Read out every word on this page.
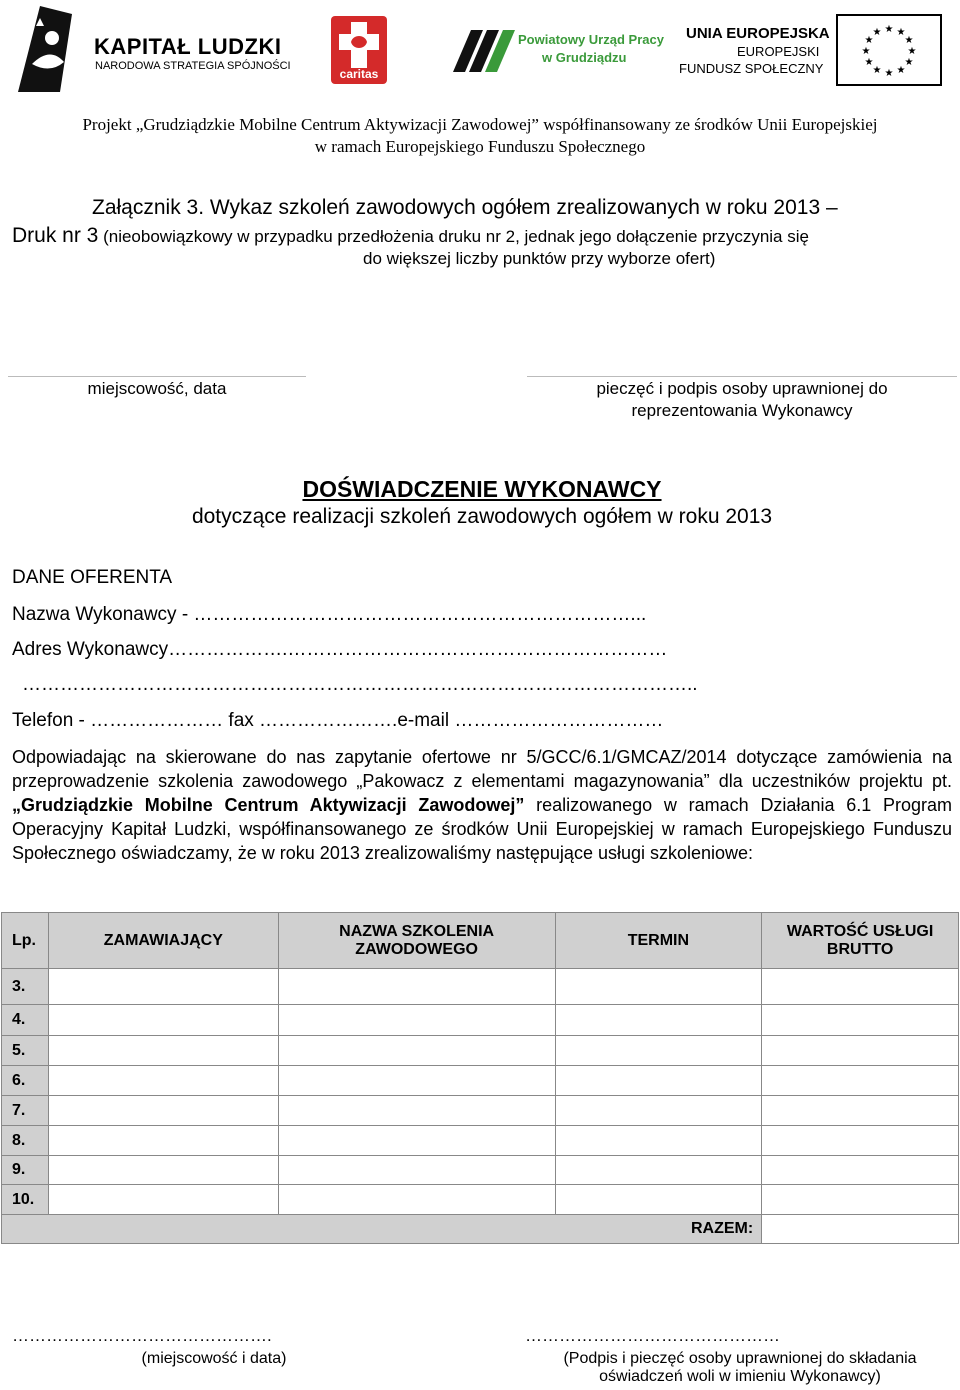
KAPITAŁ LUDZKI
NARODOWA STRATEGIA SPÓJNOŚCI
caritas
Powiatowy Urząd Pracy
w Grudziądzu
UNIA EUROPEJSKA
EUROPEJSKI
FUNDUSZ SPOŁECZNY
★ ★
★
★
★
★
★
★
★
★
★
★
Projekt „Grudziądzkie Mobilne Centrum Aktywizacji Zawodowej” współfinansowany ze środków Unii Europejskiej
w ramach Europejskiego Funduszu Społecznego
Załącznik 3. Wykaz szkoleń zawodowych ogółem zrealizowanych w roku 2013 –
Druk nr 3 (nieobowiązkowy w przypadku przedłożenia druku nr 2, jednak jego dołączenie przyczynia się
do większej liczby punktów przy wyborze ofert)
miejscowość, data	pieczęć i podpis osoby uprawnionej do
reprezentowania Wykonawcy
DOŚWIADCZENIE WYKONAWCY
dotyczące realizacji szkoleń zawodowych ogółem w roku 2013
DANE OFERENTA
Nazwa Wykonawcy - ……………………………………………………………...
Adres Wykonawcy……………….……………………………………………………
……………………………………………………………………………………………..
Telefon - ………………… fax ………………….e-mail ……………………………
Odpowiadając na skierowane do nas zapytanie ofertowe nr 5/GCC/6.1/GMCAZ/2014 dotyczące zamówienia na przeprowadzenie szkolenia zawodowego „Pakowacz z elementami magazynowania” dla uczestników projektu pt. „Grudziądzkie Mobilne Centrum Aktywizacji Zawodowej” realizowanego w ramach Działania 6.1 Program Operacyjny Kapitał Ludzki, współfinansowanego ze środków Unii Europejskiej w ramach Europejskiego Funduszu Społecznego oświadczamy, że w roku 2013 zrealizowaliśmy następujące usługi szkoleniowe:
Lp.	ZAMAWIAJĄCY	NAZWA SZKOLENIA ZAWODOWEGO	TERMIN	WARTOŚĆ USŁUGI BRUTTO
3.				
4.				
5.				
6.				
7.				
8.				
9.				
10.				
RAZEM:				
……………………………………….
(miejscowość i data)
………………………………………
(Podpis i pieczęć osoby uprawnionej do składania
oświadczeń woli w imieniu Wykonawcy)
